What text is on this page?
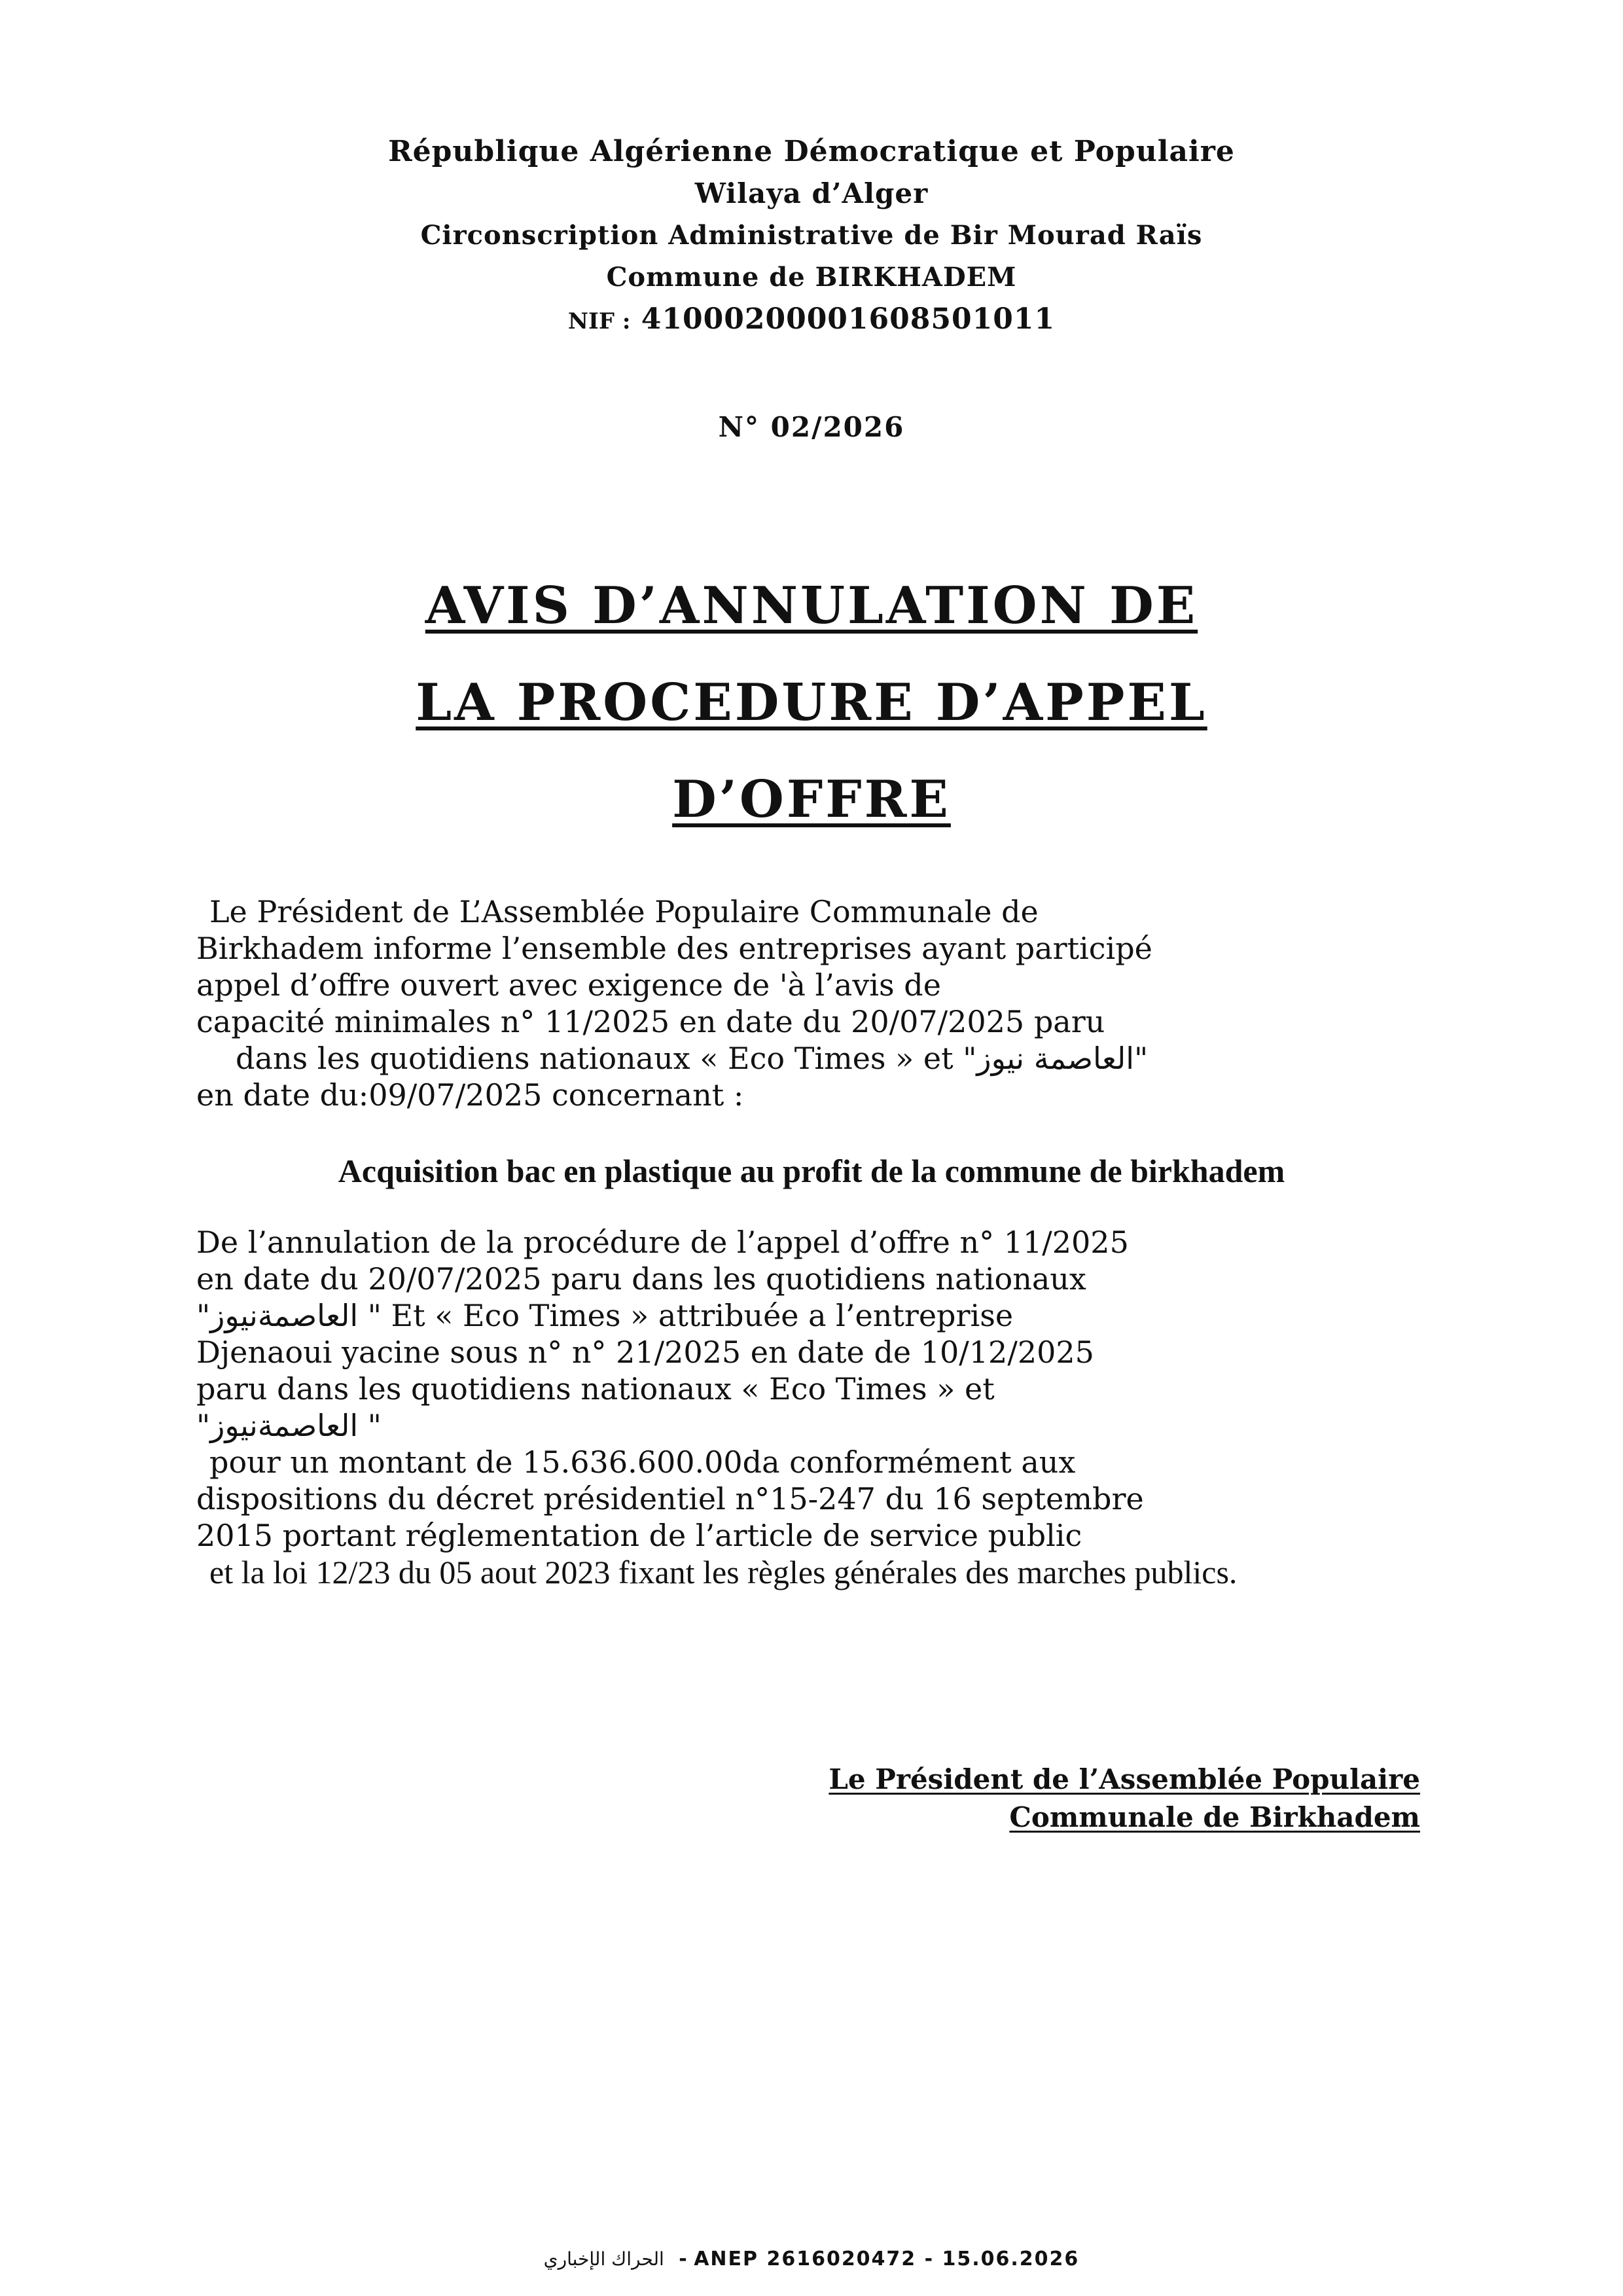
République Algérienne Démocratique et Populaire
Wilaya d’Alger
Circonscription Administrative de Bir Mourad Raïs
Commune de BIRKHADEM
NIF : 41000200001608501011
N° 02/2026
AVIS D’ANNULATION DE
LA PROCEDURE D’APPEL
D’OFFRE
Le Président de L’Assemblée Populaire Communale de
Birkhadem informe l’ensemble des entreprises ayant participé
appel d’offre ouvert avec exigence de 'à l’avis de
capacité minimales n° 11/2025 en date du 20/07/2025 paru
dans les quotidiens nationaux « Eco Times » et "العاصمة نيوز"
en date du:09/07/2025 concernant :
Acquisition bac en plastique au profit de la commune de birkhadem
De l’annulation de la procédure de l’appel d’offre n° 11/2025
en date du 20/07/2025 paru dans les quotidiens nationaux
"العاصمةنيوز " Et « Eco Times » attribuée a l’entreprise
Djenaoui yacine sous n° n° 21/2025 en date de 10/12/2025
paru dans les quotidiens nationaux « Eco Times » et
"العاصمةنيوز "
pour un montant de 15.636.600.00da conformément aux
dispositions du décret présidentiel n°15-247 du 16 septembre
2015 portant réglementation de l’article de service public
et la loi 12/23 du 05 aout 2023 fixant les règles générales des marches publics.
Le Président de l’Assemblée Populaire
Communale de Birkhadem
الحراك الإخباري - ANEP 2616020472 - 15.06.2026
